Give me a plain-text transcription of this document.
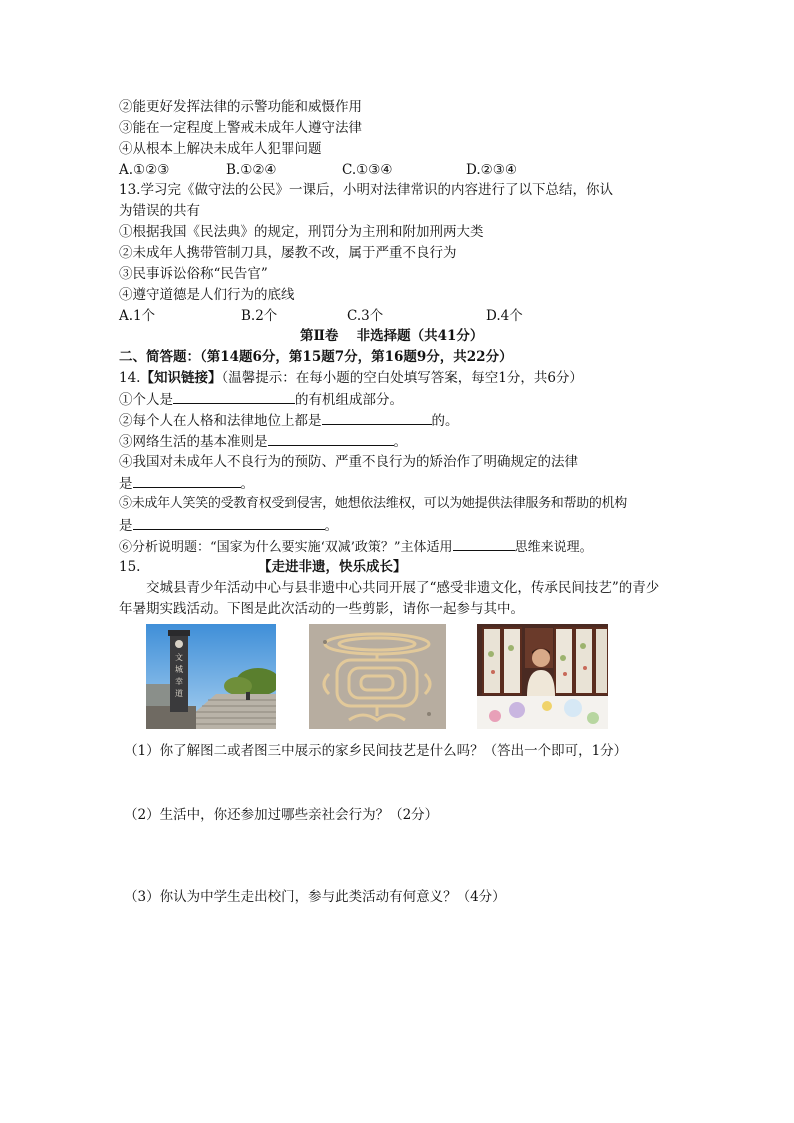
②能更好发挥法律的示警功能和威慑作用
③能在一定程度上警戒未成年人遵守法律
④从根本上解决未成年人犯罪问题
A.①②③	B.①②④	C.①③④	D.②③④
13.学习完《做守法的公民》一课后，小明对法律常识的内容进行了以下总结，你认
为错误的共有
①根据我国《民法典》的规定，刑罚分为主刑和附加刑两大类
②未成年人携带管制刀具，屡教不改，属于严重不良行为
③民事诉讼俗称“民告官”
④遵守道德是人们行为的底线
A.1个	B.2个	C.3个	D.4个
第Ⅱ卷　 非选择题（共41分）
二、简答题：（第14题6分，第15题7分，第16题9分，共22分）
14.【知识链接】（温馨提示：在每小题的空白处填写答案，每空1分，共6分）
①个人是	的有机组成部分。
②每个人在人格和法律地位上都是	的。
③网络生活的基本准则是	。
④我国对未成年人不良行为的预防、严重不良行为的矫治作了明确规定的法律
是	。
⑤未成年人笑笑的受教育权受到侵害，她想依法维权，可以为她提供法律服务和帮助的机构
是	。
⑥分析说明题：“国家为什么要实施‘双减’政策？”主体适用	思维来说理。
15.	【走进非遗，快乐成长】
交城县青少年活动中心与县非遗中心共同开展了“感受非遗文化，传承民间技艺”的青少
年暑期实践活动。下图是此次活动的一些剪影，请你一起参与其中。
文
城
幸
道
（1）你了解图二或者图三中展示的家乡民间技艺是什么吗？（答出一个即可，1分）
（2）生活中，你还参加过哪些亲社会行为？（2分）
（3）你认为中学生走出校门，参与此类活动有何意义？（4分）
